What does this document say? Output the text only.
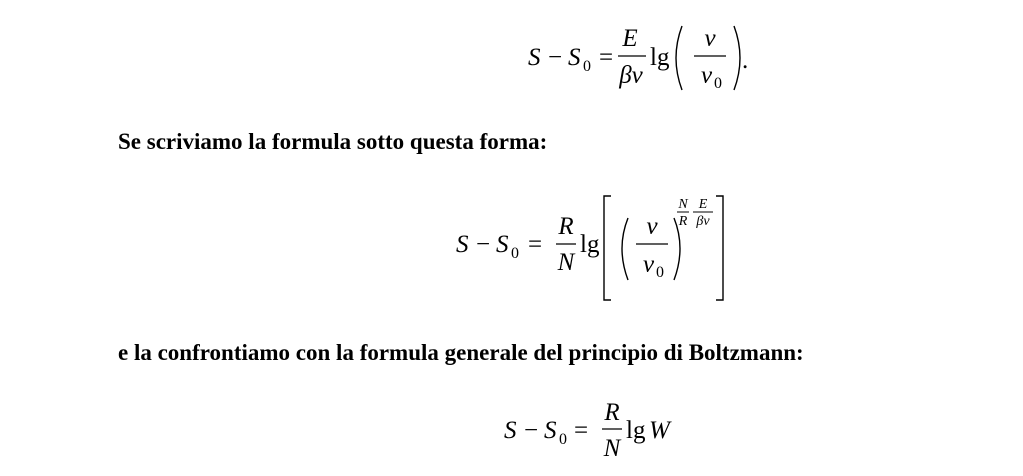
S − S 0 =
E
βν
lg
ν
ν 0
.
Se scriviamo la formula sotto questa forma:
S − S 0 =
R
N
lg
ν
ν 0
N
R
E
βν
e la confrontiamo con la formula generale del principio di Boltzmann:
S − S 0 =
R
N
lg W
